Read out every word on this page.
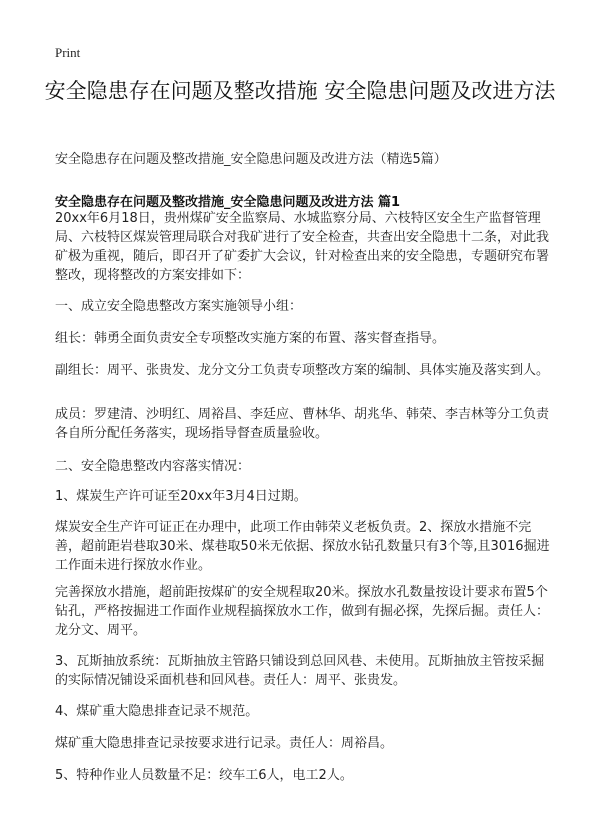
Print
安全隐患存在问题及整改措施 安全隐患问题及改进方法

安全隐患存在问题及整改措施_安全隐患问题及改进方法（精选5篇）

安全隐患存在问题及整改措施_安全隐患问题及改进方法 篇1

20xx年6月18日，贵州煤矿安全监察局、水城监察分局、六枝特区安全生产监督管理局、六枝特区煤炭管理局联合对我矿进行了安全检查，共查出安全隐患十二条，对此我矿极为重视，随后，即召开了矿委扩大会议，针对检查出来的安全隐患，专题研究布署整改，现将整改的方案安排如下：

一、成立安全隐患整改方案实施领导小组：

组长：韩勇全面负责安全专项整改实施方案的布置、落实督查指导。

副组长：周平、张贵发、龙分文分工负责专项整改方案的编制、具体实施及落实到人。

成员：罗建清、沙明红、周裕昌、李廷应、曹林华、胡兆华、韩荣、李吉林等分工负责各自所分配任务落实，现场指导督查质量验收。

二、安全隐患整改内容落实情况：

1、煤炭生产许可证至20xx年3月4日过期。

煤炭安全生产许可证正在办理中，此项工作由韩荣义老板负责。2、探放水措施不完善，超前距岩巷取30米、煤巷取50米无依据、探放水钻孔数量只有3个等,且3016掘进工作面未进行探放水作业。

完善探放水措施，超前距按煤矿的安全规程取20米。探放水孔数量按设计要求布置5个钻孔，严格按掘进工作面作业规程搞探放水工作，做到有掘必探，先探后掘。责任人：龙分文、周平。

3、瓦斯抽放系统：瓦斯抽放主管路只铺设到总回风巷、未使用。瓦斯抽放主管按采掘的实际情况铺设采面机巷和回风巷。责任人：周平、张贵发。

4、煤矿重大隐患排查记录不规范。

煤矿重大隐患排查记录按要求进行记录。责任人：周裕昌。

5、特种作业人员数量不足：绞车工6人，电工2人。
